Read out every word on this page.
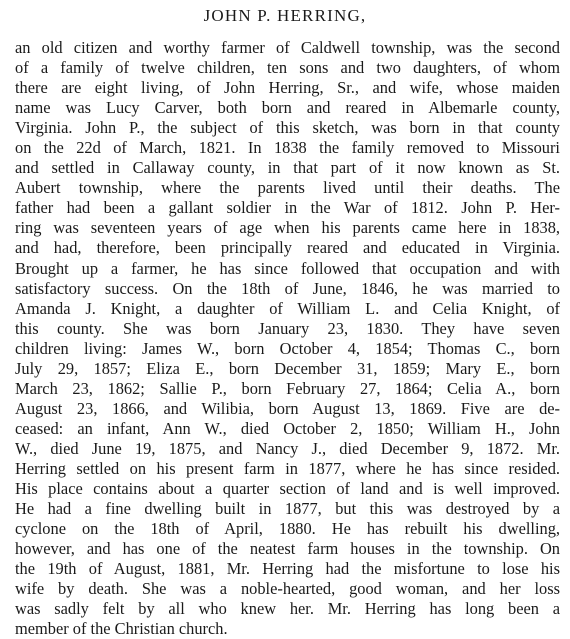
JOHN P. HERRING,
an old citizen and worthy farmer of Caldwell township, was the second
of a family of twelve children, ten sons and two daughters, of whom
there are eight living, of John Herring, Sr., and wife, whose maiden
name was Lucy Carver, both born and reared in Albemarle county,
Virginia. John P., the subject of this sketch, was born in that county
on the 22d of March, 1821. In 1838 the family removed to Missouri
and settled in Callaway county, in that part of it now known as St.
Aubert township, where the parents lived until their deaths. The
father had been a gallant soldier in the War of 1812. John P. Her-
ring was seventeen years of age when his parents came here in 1838,
and had, therefore, been principally reared and educated in Virginia.
Brought up a farmer, he has since followed that occupation and with
satisfactory success. On the 18th of June, 1846, he was married to
Amanda J. Knight, a daughter of William L. and Celia Knight, of
this county. She was born January 23, 1830. They have seven
children living: James W., born October 4, 1854; Thomas C., born
July 29, 1857; Eliza E., born December 31, 1859; Mary E., born
March 23, 1862; Sallie P., born February 27, 1864; Celia A., born
August 23, 1866, and Wilibia, born August 13, 1869. Five are de-
ceased: an infant, Ann W., died October 2, 1850; William H., John
W., died June 19, 1875, and Nancy J., died December 9, 1872. Mr.
Herring settled on his present farm in 1877, where he has since resided.
His place contains about a quarter section of land and is well improved.
He had a fine dwelling built in 1877, but this was destroyed by a
cyclone on the 18th of April, 1880. He has rebuilt his dwelling,
however, and has one of the neatest farm houses in the township. On
the 19th of August, 1881, Mr. Herring had the misfortune to lose his
wife by death. She was a noble-hearted, good woman, and her loss
was sadly felt by all who knew her. Mr. Herring has long been a
member of the Christian church.
